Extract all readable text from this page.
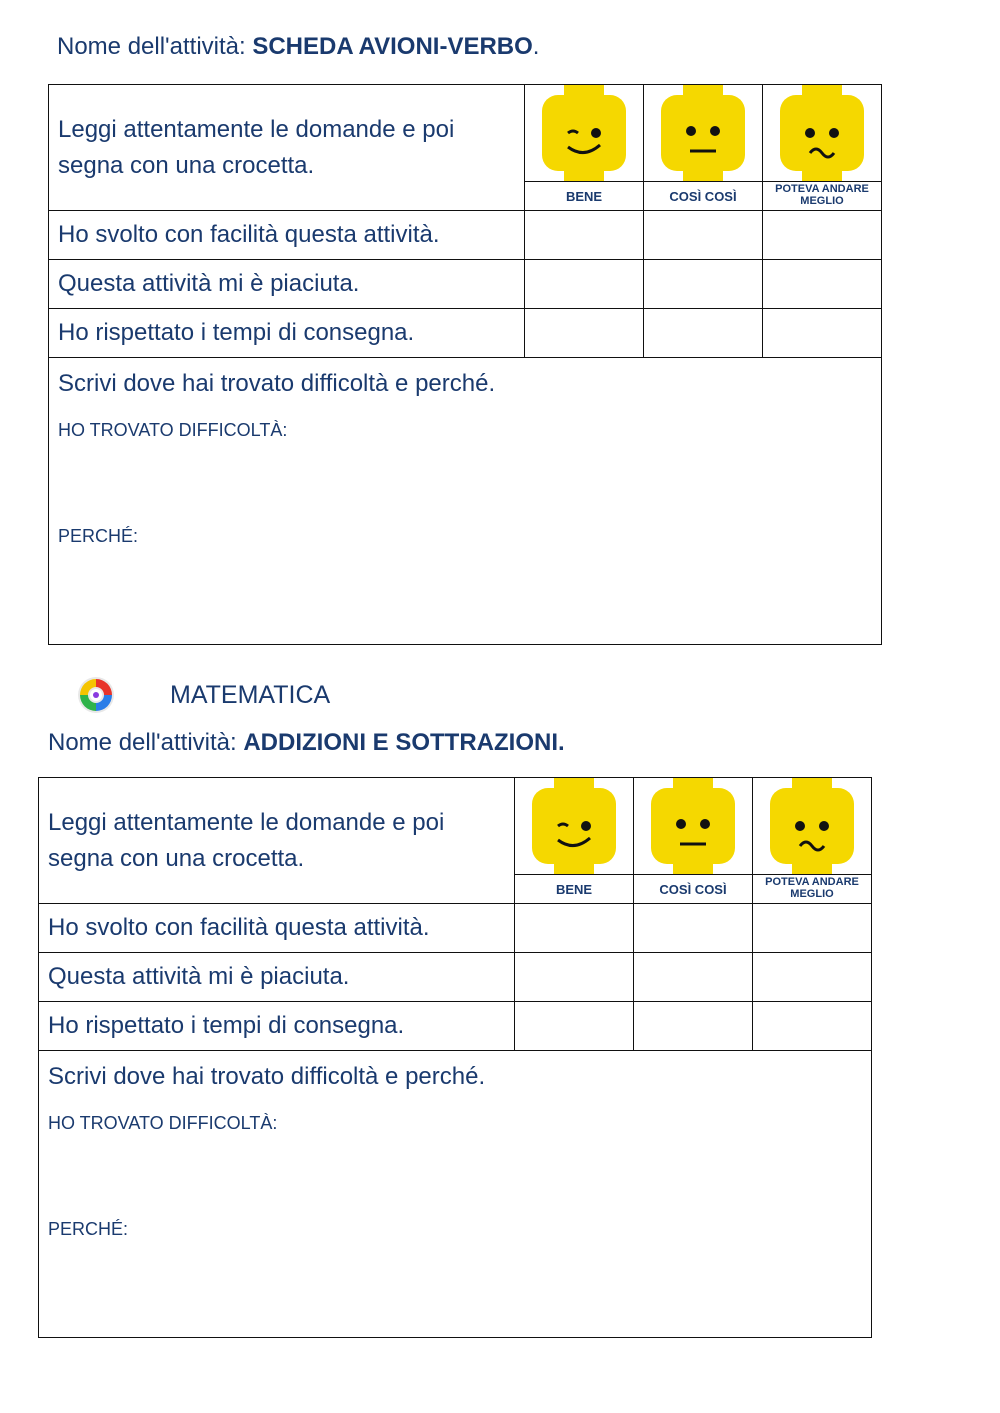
Nome dell'attività: SCHEDA AVIONI-VERBO.
Leggi attentamente le domande e poi segna con una crocetta.	BENE	COSÌ COSÌ	POTEVA ANDARE MEGLIO

Ho svolto con facilità questa attività.			
Questa attività mi è piaciuta.			
Ho rispettato i tempi di consegna.			

Scrivi dove hai trovato difficoltà e perché.
HO TROVATO DIFFICOLTÀ:
PERCHÉ:			
MATEMATICA
Nome dell'attività: ADDIZIONI E SOTTRAZIONI.
Leggi attentamente le domande e poi segna con una crocetta.	BENE	COSÌ COSÌ	POTEVA ANDARE MEGLIO

Ho svolto con facilità questa attività.			
Questa attività mi è piaciuta.			
Ho rispettato i tempi di consegna.			

Scrivi dove hai trovato difficoltà e perché.
HO TROVATO DIFFICOLTÀ:
PERCHÉ:			
